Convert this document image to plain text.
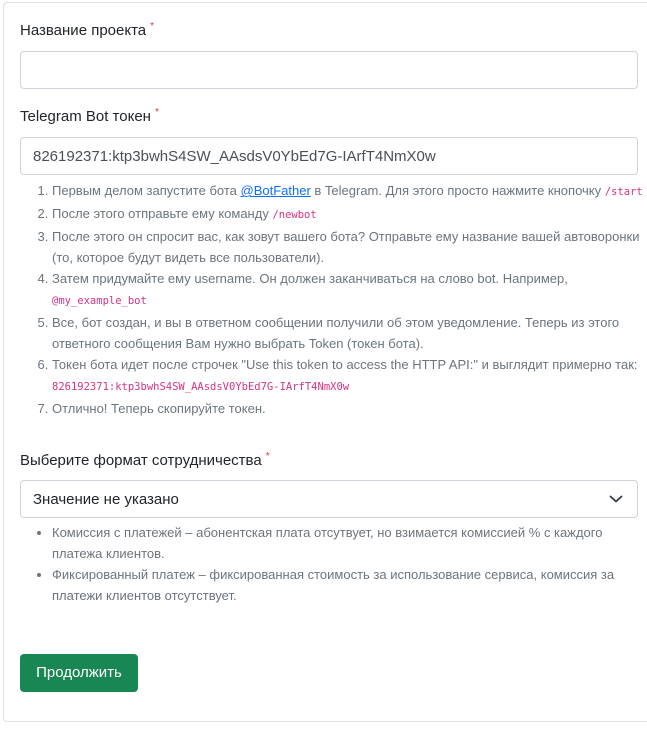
Название проекта *
Telegram Bot токен *
826192371:ktp3bwhS4SW_AAsdsV0YbEd7G-IArfT4NmX0w
1. Первым делом запустите бота @BotFather в Telegram. Для этого просто нажмите кнопочку /start
2. После этого отправьте ему команду /newbot
3. После этого он спросит вас, как зовут вашего бота? Отправьте ему название вашей автоворонки (то, которое будут видеть все пользователи).
4. Затем придумайте ему username. Он должен заканчиваться на слово bot. Например,
@my_example_bot
5. Все, бот создан, и вы в ответном сообщении получили об этом уведомление. Теперь из этого ответного сообщения Вам нужно выбрать Token (токен бота).
6. Токен бота идет после строчек "Use this token to access the HTTP API:" и выглядит примерно так: 826192371:ktp3bwhS4SW_AAsdsV0YbEd7G-IArfT4NmX0w
7. Отлично! Теперь скопируйте токен.
Выберите формат сотрудничества *
Значение не указано
• Комиссия с платежей – абонентская плата отсутвует, но взимается комиссией % с каждого платежа клиентов.
• Фиксированный платеж – фиксированная стоимость за использование сервиса, комиссия за платежи клиентов отсутствует.
Продолжить
